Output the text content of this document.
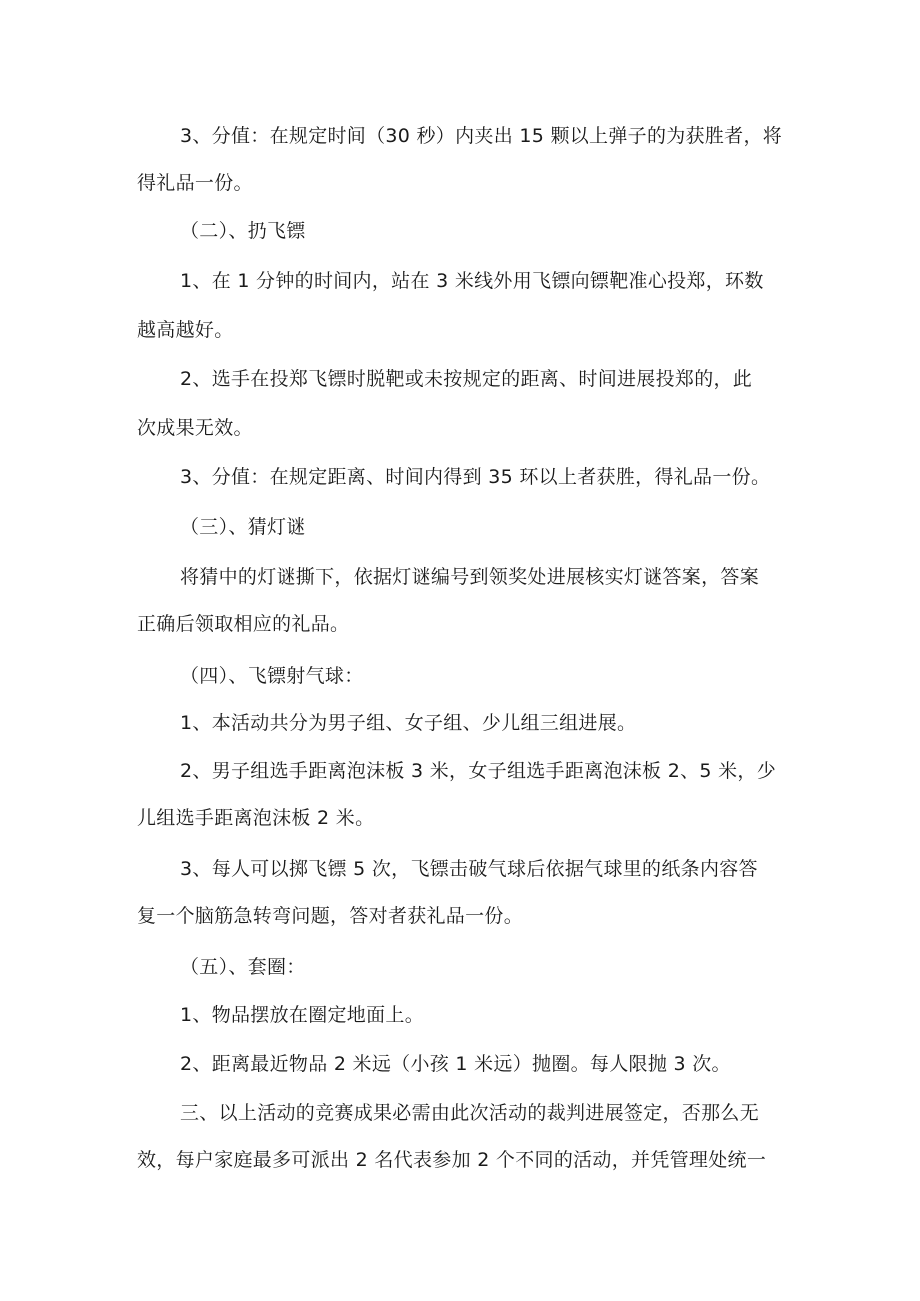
3、分值：在规定时间（30 秒）内夹出 15 颗以上弹子的为获胜者，将
得礼品一份。
（二）、扔飞镖
1、在 1 分钟的时间内，站在 3 米线外用飞镖向镖靶准心投郑，环数
越高越好。
2、选手在投郑飞镖时脱靶或未按规定的距离、时间进展投郑的，此
次成果无效。
3、分值：在规定距离、时间内得到 35 环以上者获胜，得礼品一份。
（三）、猜灯谜
将猜中的灯谜撕下，依据灯谜编号到领奖处进展核实灯谜答案，答案
正确后领取相应的礼品。
（四）、飞镖射气球：
1、本活动共分为男子组、女子组、少儿组三组进展。
2、男子组选手距离泡沫板 3 米，女子组选手距离泡沫板 2、5 米，少
儿组选手距离泡沫板 2 米。
3、每人可以掷飞镖 5 次，飞镖击破气球后依据气球里的纸条内容答
复一个脑筋急转弯问题，答对者获礼品一份。
（五）、套圈：
1、物品摆放在圈定地面上。
2、距离最近物品 2 米远（小孩 1 米远）抛圈。每人限抛 3 次。
三、以上活动的竞赛成果必需由此次活动的裁判进展签定，否那么无
效，每户家庭最多可派出 2 名代表参加 2 个不同的活动，并凭管理处统一
